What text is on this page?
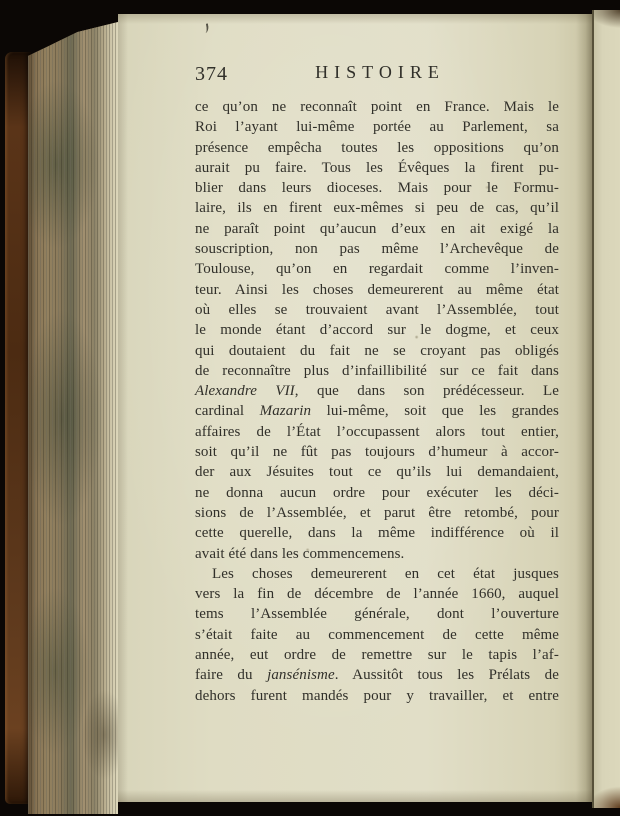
374	HISTOIRE
ce qu’on ne reconnaît point en France. Mais le
Roi l’ayant lui-même portée au Parlement, sa
présence empêcha toutes les oppositions qu’on
aurait pu faire. Tous les Évêques la firent pu-
blier dans leurs dioceses. Mais pour le Formu-
laire, ils en firent eux-mêmes si peu de cas, qu’il
ne paraît point qu’aucun d’eux en ait exigé la
souscription, non pas même l’Archevêque de
Toulouse, qu’on en regardait comme l’inven-
teur. Ainsi les choses demeurerent au même état
où elles se trouvaient avant l’Assemblée, tout
le monde étant d’accord sur le dogme, et ceux
qui doutaient du fait ne se croyant pas obligés
de reconnaître plus d’infaillibilité sur ce fait dans
Alexandre VII, que dans son prédécesseur. Le
cardinal Mazarin lui-même, soit que les grandes
affaires de l’État l’occupassent alors tout entier,
soit qu’il ne fût pas toujours d’humeur à accor-
der aux Jésuites tout ce qu’ils lui demandaient,
ne donna aucun ordre pour exécuter les déci-
sions de l’Assemblée, et parut être retombé, pour
cette querelle, dans la même indifférence où il
avait été dans les commencemens.
Les choses demeurerent en cet état jusques
vers la fin de décembre de l’année 1660, auquel
tems l’Assemblée générale, dont l’ouverture
s’était faite au commencement de cette même
année, eut ordre de remettre sur le tapis l’af-
faire du jansénisme. Aussitôt tous les Prélats de
dehors furent mandés pour y travailler, et entre
